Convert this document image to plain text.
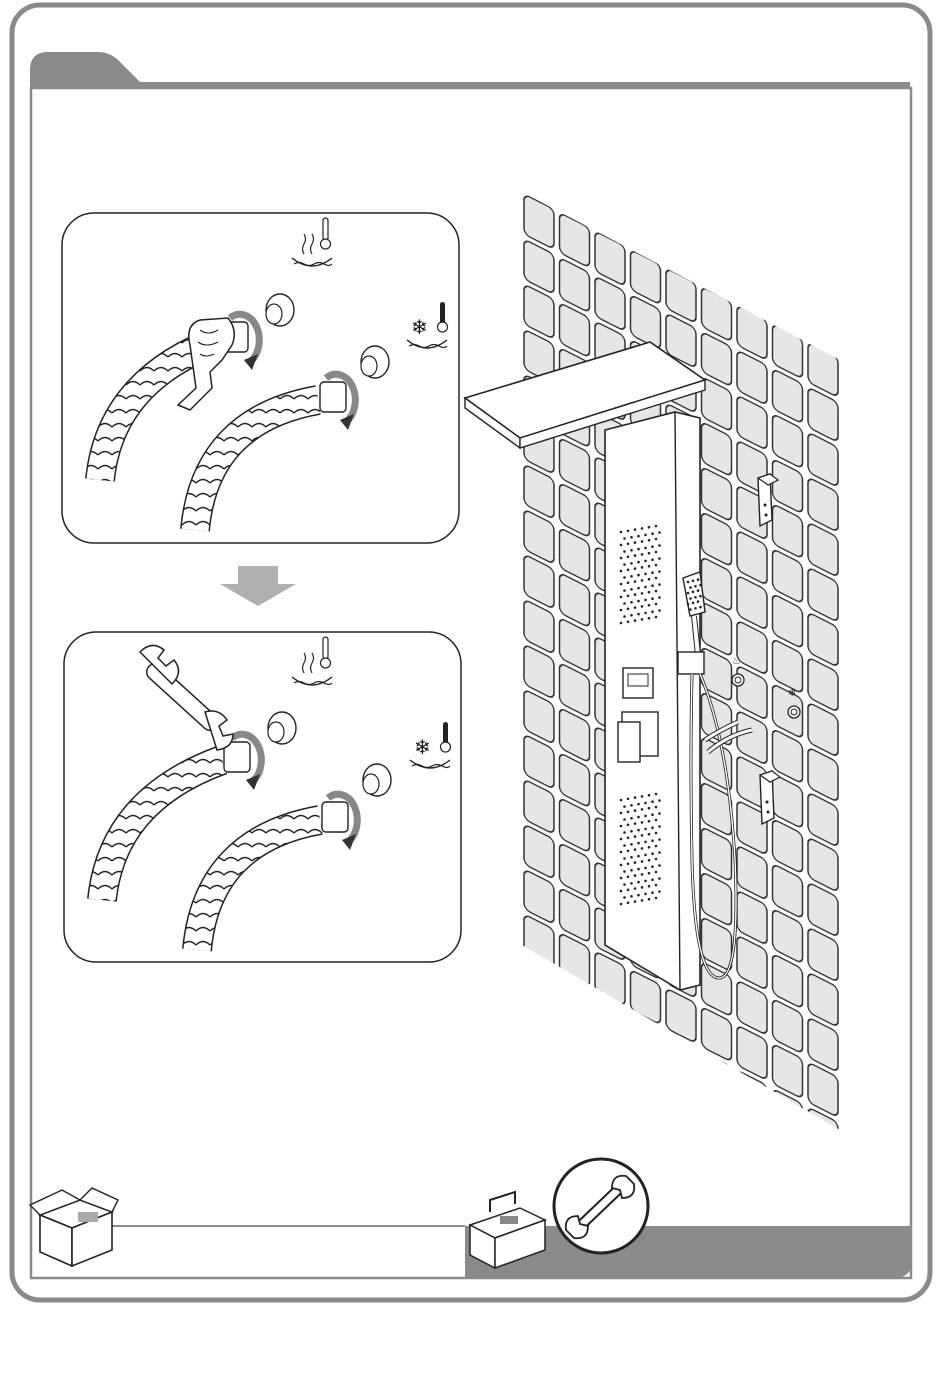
❄
❄
♨
❄
